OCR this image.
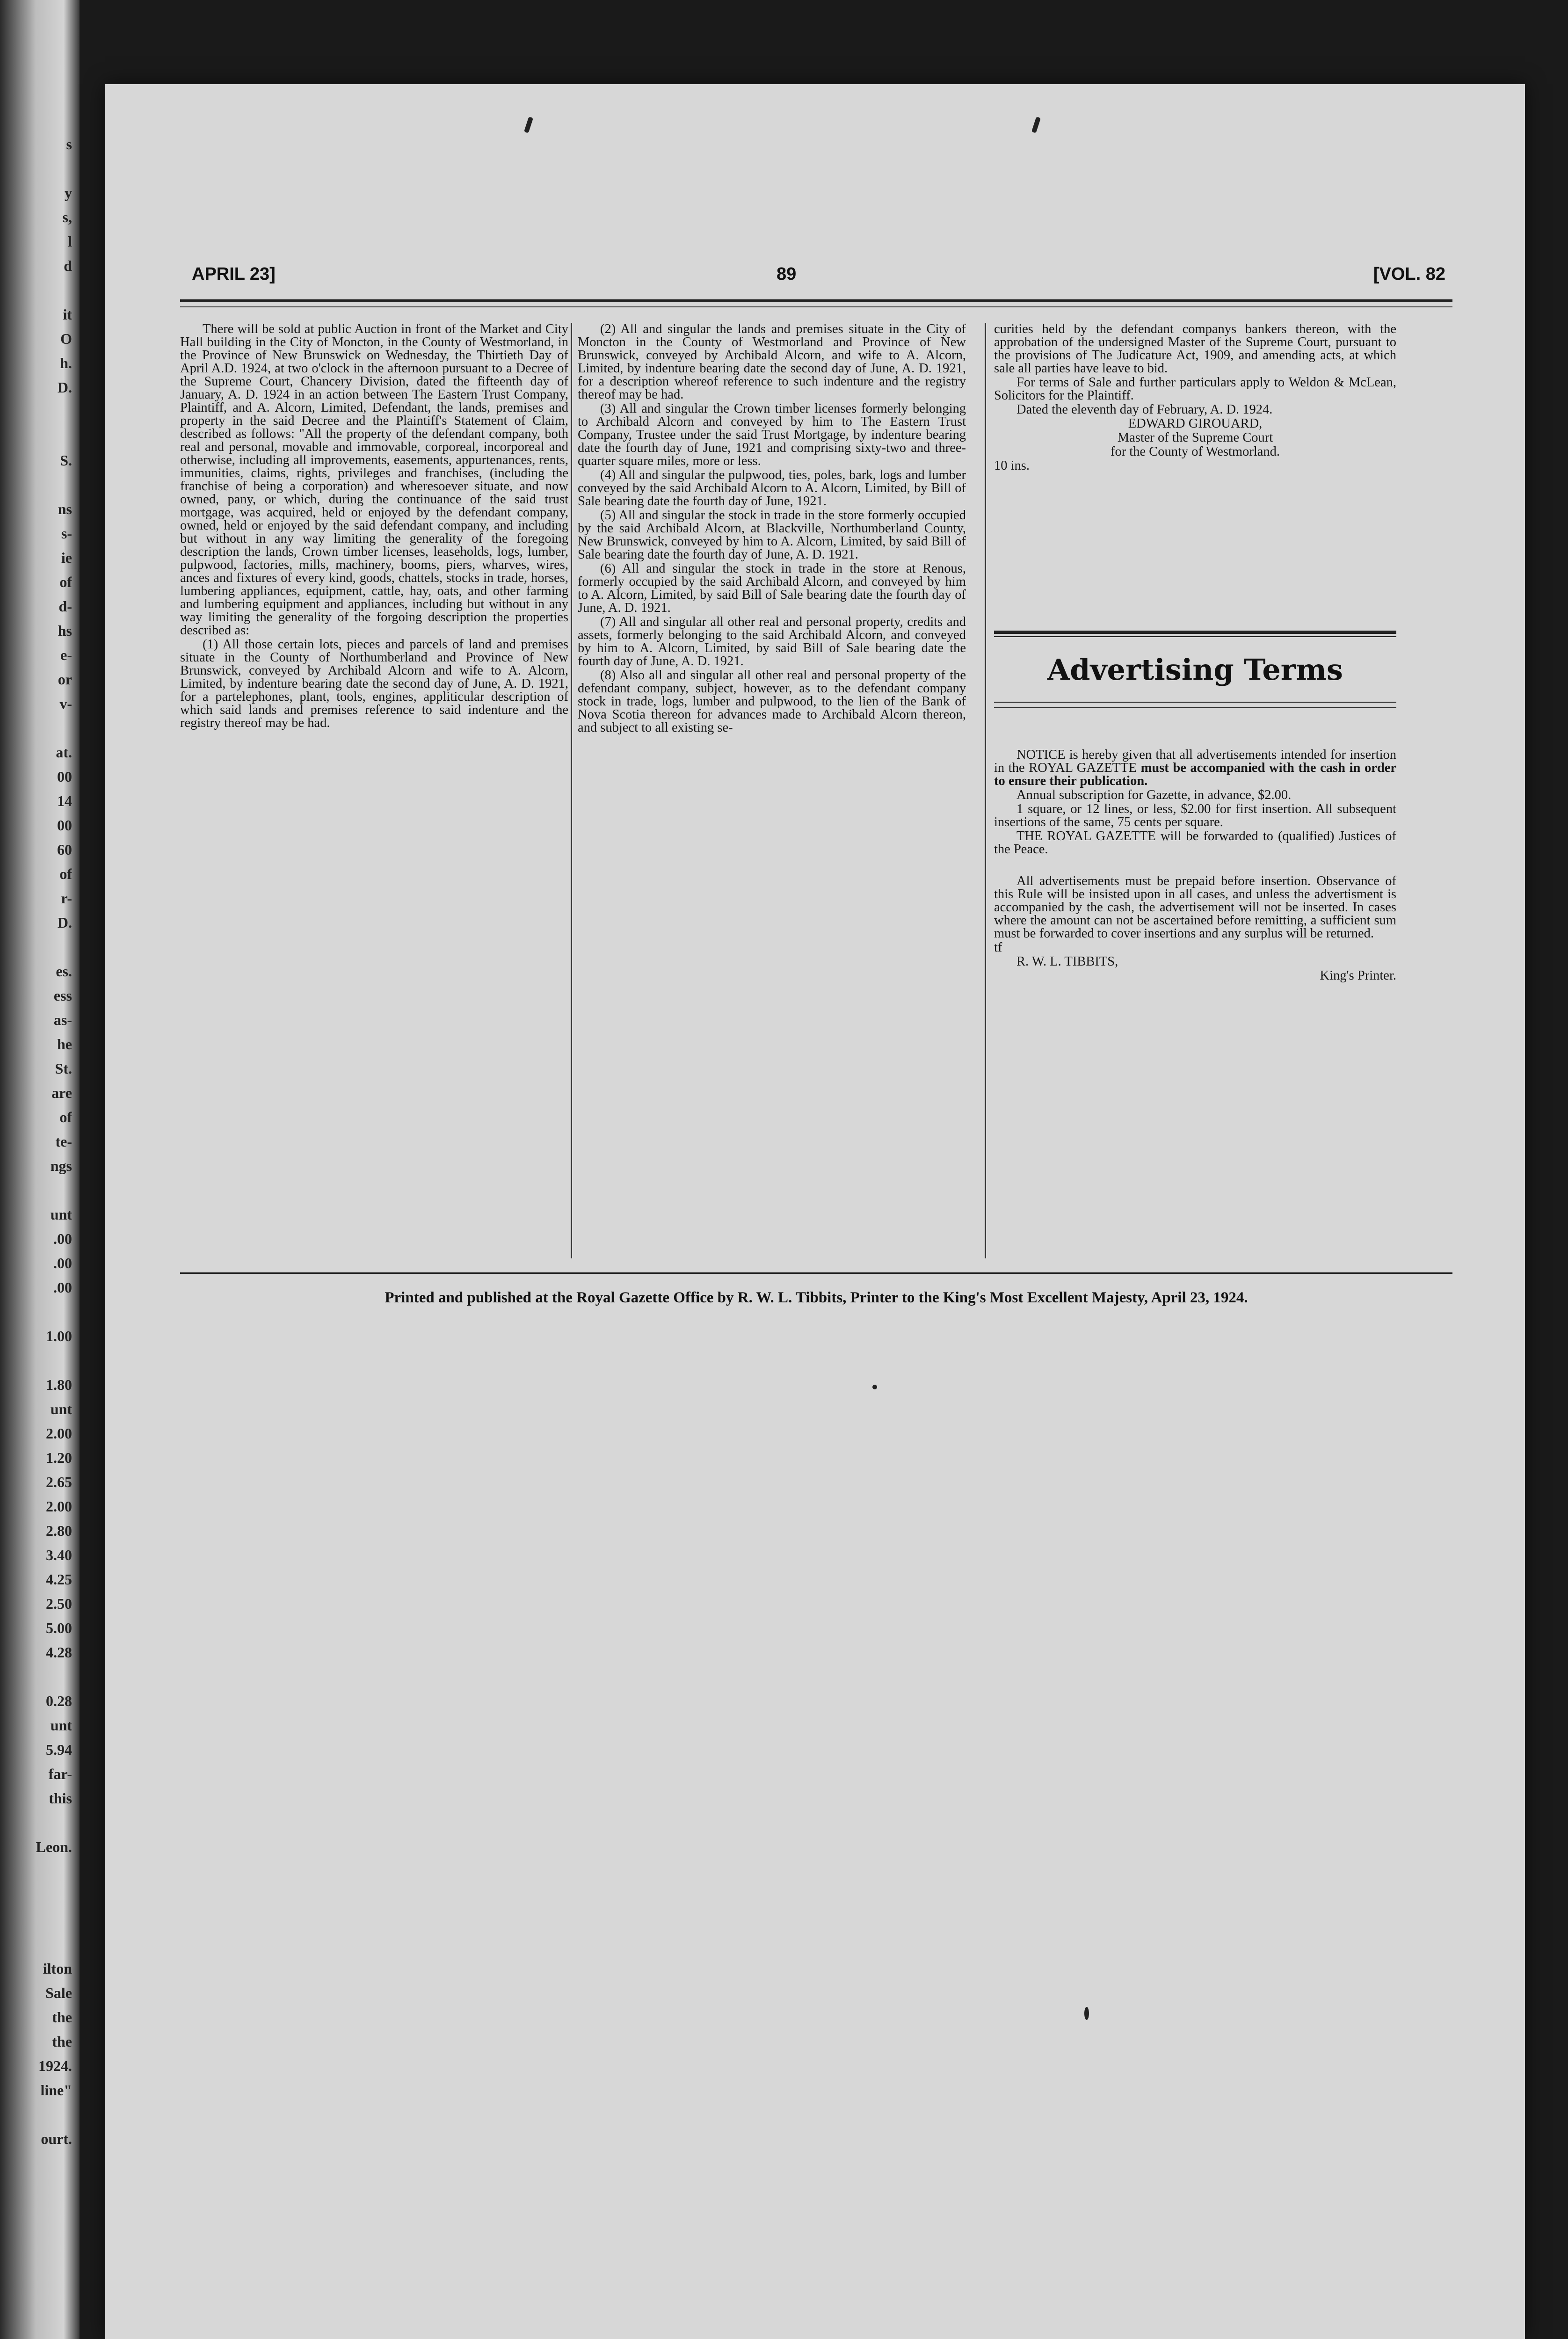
s

y
s,
l
d

it
O
h.
D.

S.

ns
s-
ie
of
d-
hs
e-
or
v-

at.
00
14
00
60
of
r-
D.

es.
ess
as-
he
St.
are
of
te-
ngs

unt
.00
.00
.00

1.00

1.80
unt
2.00
1.20
2.65
2.00
2.80
3.40
4.25
2.50
5.00
4.28

0.28
unt
5.94
far-
this

Leon.

ilton
Sale
the
the
1924.
line"

ourt.
APRIL 23]	89	[VOL. 82

There will be sold at public Auction in front of the Market and City Hall building in the City of Moncton, in the County of Westmorland, in the Province of New Brunswick on Wednesday, the Thirtieth Day of April A.D. 1924, at two o'clock in the afternoon pursuant to a Decree of the Supreme Court, Chancery Division, dated the fifteenth day of January, A. D. 1924 in an action between The Eastern Trust Company, Plaintiff, and A. Alcorn, Limited, Defendant, the lands, premises and property in the said Decree and the Plaintiff's Statement of Claim, described as follows: "All the property of the defendant company, both real and personal, movable and immovable, corporeal, incorporeal and otherwise, including all improvements, easements, appurtenances, rents, immunities, claims, rights, privileges and franchises, (including the franchise of being a corporation) and wheresoever situate, and now owned, pany, or which, during the continuance of the said trust mortgage, was acquired, held or enjoyed by the defendant company, owned, held or enjoyed by the said defendant company, and including but without in any way limiting the generality of the foregoing description the lands, Crown timber licenses, leaseholds, logs, lumber, pulpwood, factories, mills, machinery, booms, piers, wharves, wires, ances and fixtures of every kind, goods, chattels, stocks in trade, horses, lumbering appliances, equipment, cattle, hay, oats, and other farming and lumbering equipment and appliances, including but without in any way limiting the generality of the forgoing description the properties described as:

(1) All those certain lots, pieces and parcels of land and premises situate in the County of Northumberland and Province of New Brunswick, conveyed by Archibald Alcorn and wife to A. Alcorn, Limited, by indenture bearing date the second day of June, A. D. 1921, for a partelephones, plant, tools, engines, appliticular description of which said lands and premises reference to said indenture and the registry thereof may be had.

(2) All and singular the lands and premises situate in the City of Moncton in the County of Westmorland and Province of New Brunswick, conveyed by Archibald Alcorn, and wife to A. Alcorn, Limited, by indenture bearing date the second day of June, A. D. 1921, for a description whereof reference to such indenture and the registry thereof may be had.

(3) All and singular the Crown timber licenses formerly belonging to Archibald Alcorn and conveyed by him to The Eastern Trust Company, Trustee under the said Trust Mortgage, by indenture bearing date the fourth day of June, 1921 and comprising sixty-two and three-quarter square miles, more or less.

(4) All and singular the pulpwood, ties, poles, bark, logs and lumber conveyed by the said Archibald Alcorn to A. Alcorn, Limited, by Bill of Sale bearing date the fourth day of June, 1921.

(5) All and singular the stock in trade in the store formerly occupied by the said Archibald Alcorn, at Blackville, Northumberland County, New Brunswick, conveyed by him to A. Alcorn, Limited, by said Bill of Sale bearing date the fourth day of June, A. D. 1921.

(6) All and singular the stock in trade in the store at Renous, formerly occupied by the said Archibald Alcorn, and conveyed by him to A. Alcorn, Limited, by said Bill of Sale bearing date the fourth day of June, A. D. 1921.

(7) All and singular all other real and personal property, credits and assets, formerly belonging to the said Archibald Alcorn, and conveyed by him to A. Alcorn, Limited, by said Bill of Sale bearing date the fourth day of June, A. D. 1921.

(8) Also all and singular all other real and personal property of the defendant company, subject, however, as to the defendant company stock in trade, logs, lumber and pulpwood, to the lien of the Bank of Nova Scotia thereon for advances made to Archibald Alcorn thereon, and subject to all existing se-

curities held by the defendant companys bankers thereon, with the approbation of the undersigned Master of the Supreme Court, pursuant to the provisions of The Judicature Act, 1909, and amending acts, at which sale all parties have leave to bid.

For terms of Sale and further particulars apply to Weldon & McLean, Solicitors for the Plaintiff.

Dated the eleventh day of February, A. D. 1924.

EDWARD GIROUARD,

Master of the Supreme Court

for the County of Westmorland.

10 ins.

Advertising Terms

NOTICE is hereby given that all advertisements intended for insertion in the ROYAL GAZETTE must be accompanied with the cash in order to ensure their publication.

Annual subscription for Gazette, in advance, $2.00.

1 square, or 12 lines, or less, $2.00 for first insertion. All subsequent insertions of the same, 75 cents per square.

THE ROYAL GAZETTE will be forwarded to (qualified) Justices of the Peace.

All advertisements must be prepaid before insertion. Observance of this Rule will be insisted upon in all cases, and unless the advertisment is accompanied by the cash, the advertisement will not be inserted. In cases where the amount can not be ascertained before remitting, a sufficient sum must be forwarded to cover insertions and any surplus will be returned.

tf

R. W. L. TIBBITS,

King's Printer.

Printed and published at the Royal Gazette Office by R. W. L. Tibbits, Printer to the King's Most Excellent Majesty, April 23, 1924.
